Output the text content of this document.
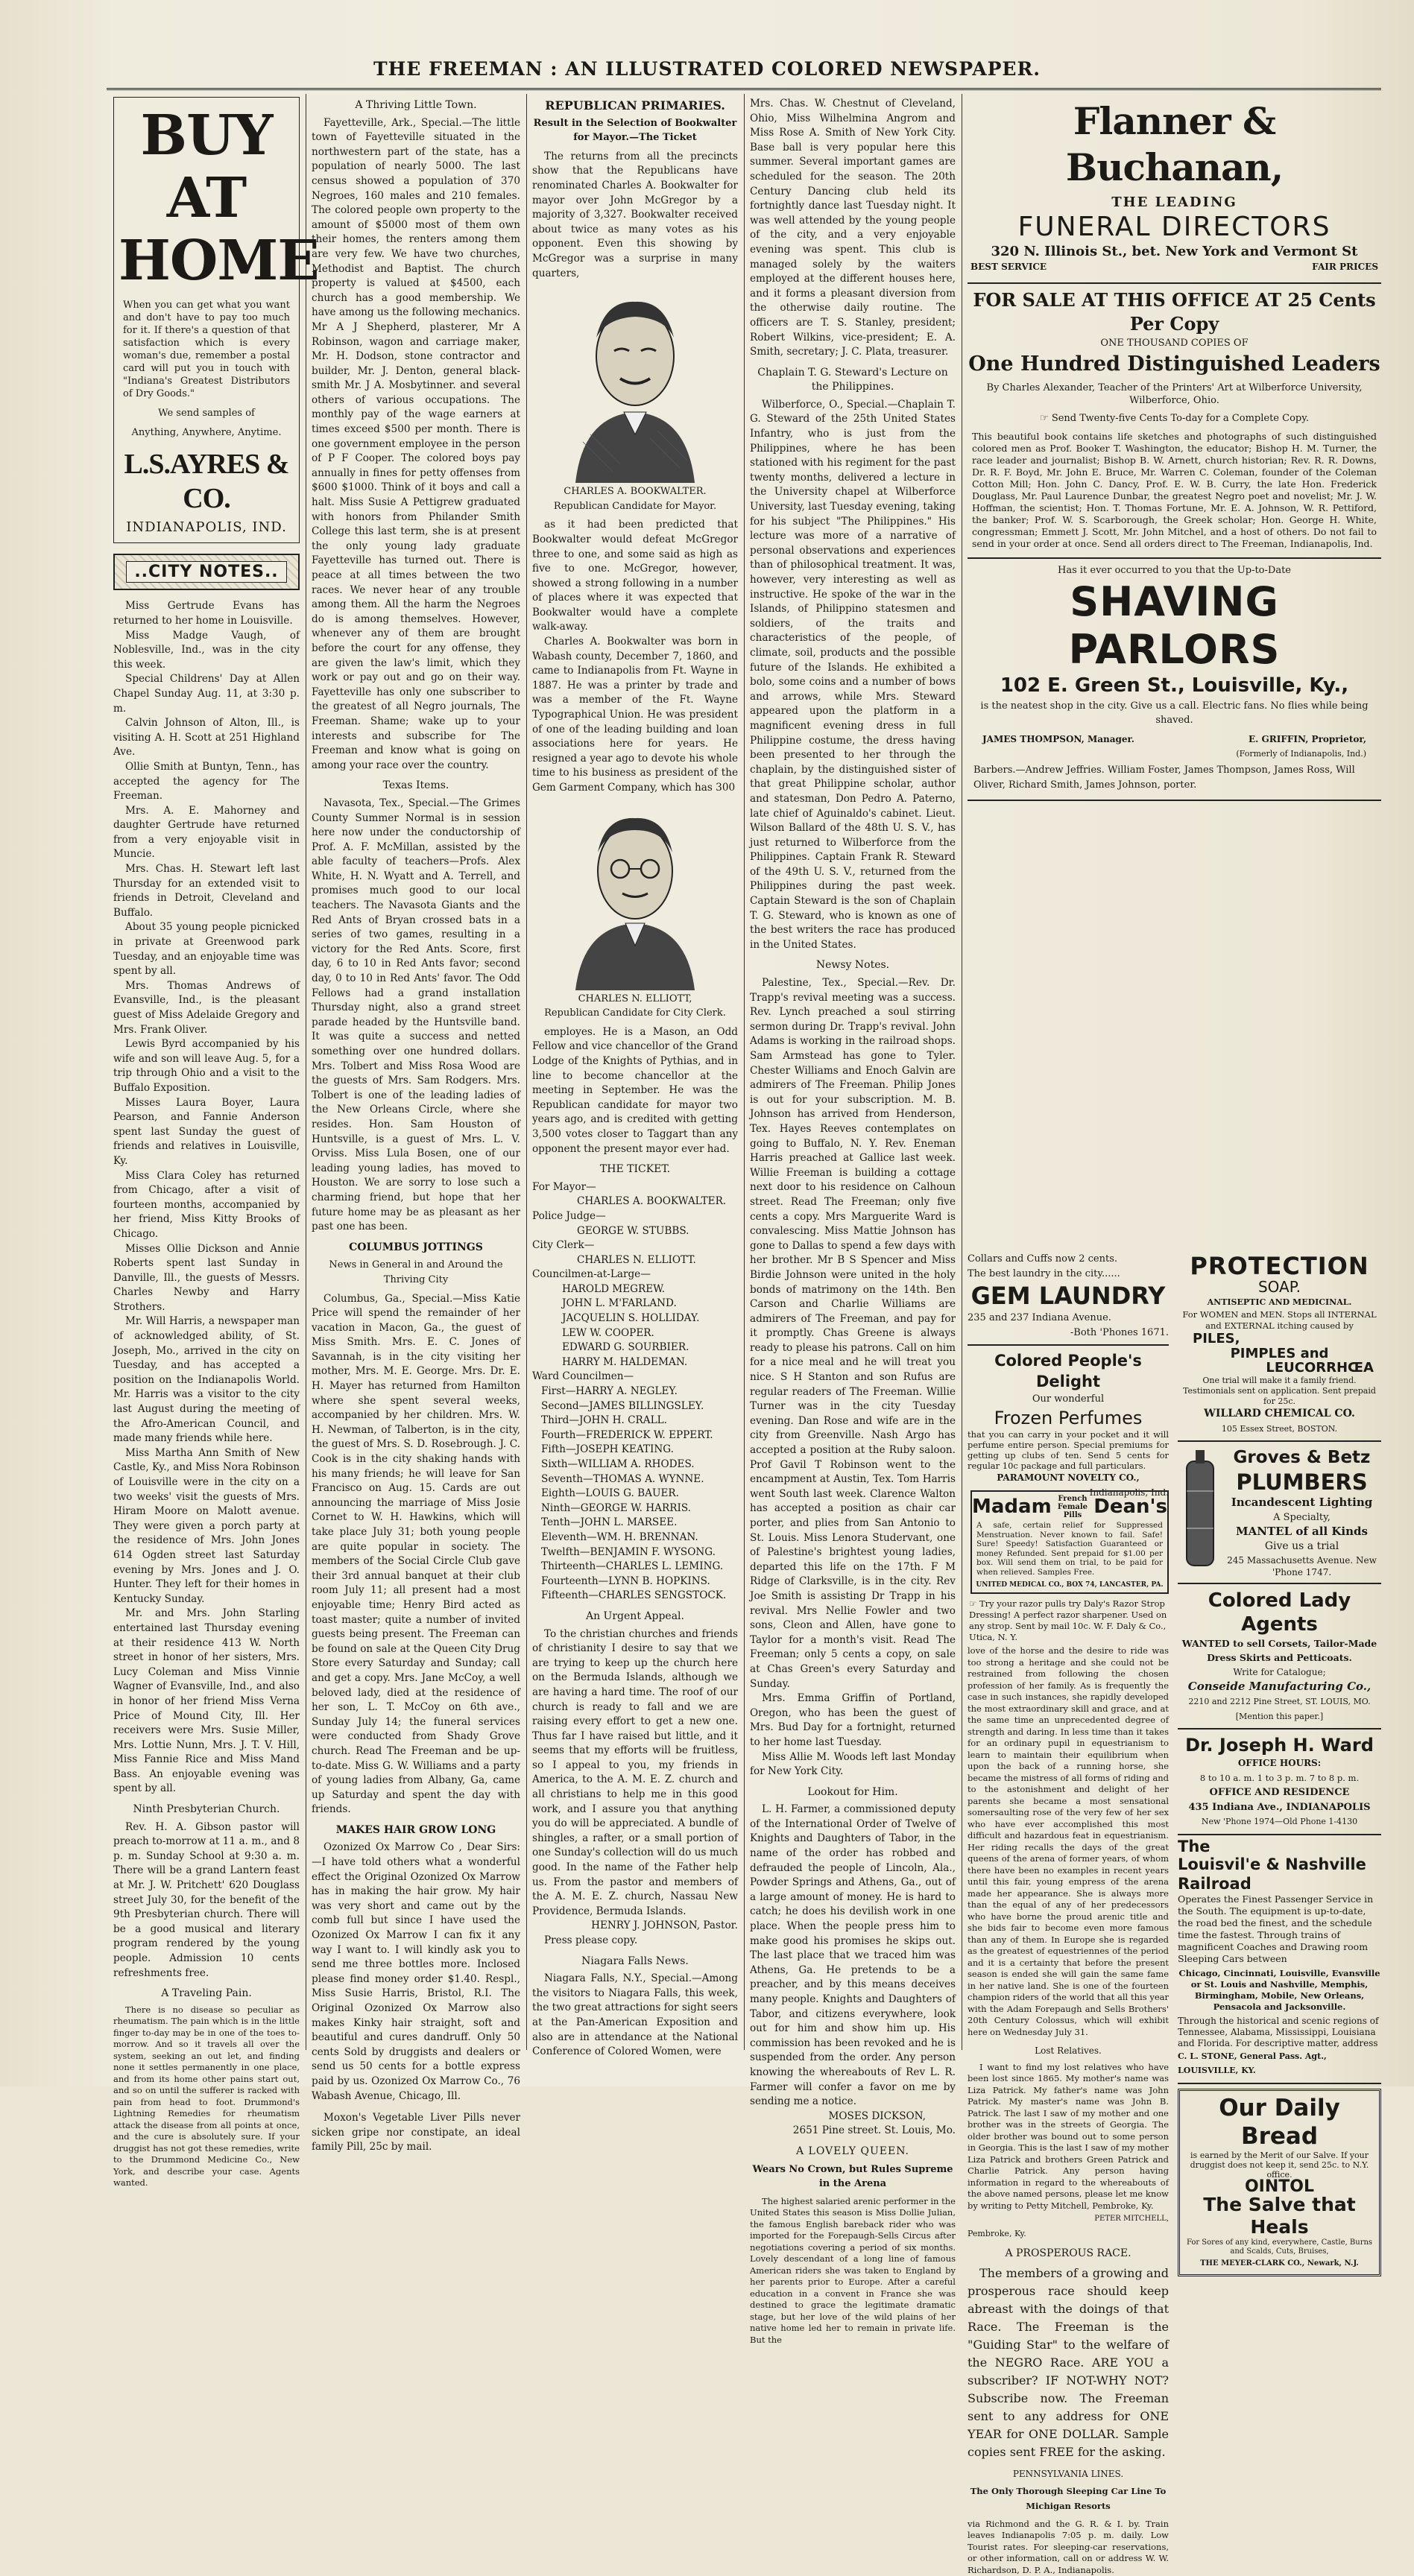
THE FREEMAN : AN ILLUSTRATED COLORED NEWSPAPER.
BUY
AT
HOME
When you can get what you want and don't have to pay too much for it. If there's a question of that satisfaction which is every woman's due, remember a postal card will put you in touch with "Indiana's Greatest Distributors of Dry Goods."
We send samples of
Anything, Anywhere, Anytime.
L.S.AYRES & CO.
INDIANAPOLIS, IND.
..CITY NOTES..

Miss Gertrude Evans has returned to her home in Louisville.

Miss Madge Vaugh, of Noblesville, Ind., was in the city this week.

Special Childrens' Day at Allen Chapel Sunday Aug. 11, at 3:30 p. m.

Calvin Johnson of Alton, Ill., is visiting A. H. Scott at 251 Highland Ave.

Ollie Smith at Buntyn, Tenn., has accepted the agency for The Freeman.

Mrs. A. E. Mahorney and daughter Gertrude have returned from a very enjoyable visit in Muncie.

Mrs. Chas. H. Stewart left last Thursday for an extended visit to friends in Detroit, Cleveland and Buffalo.

About 35 young people picnicked in private at Greenwood park Tuesday, and an enjoyable time was spent by all.

Mrs. Thomas Andrews of Evansville, Ind., is the pleasant guest of Miss Adelaide Gregory and Mrs. Frank Oliver.

Lewis Byrd accompanied by his wife and son will leave Aug. 5, for a trip through Ohio and a visit to the Buffalo Exposition.

Misses Laura Boyer, Laura Pearson, and Fannie Anderson spent last Sunday the guest of friends and relatives in Louisville, Ky.

Miss Clara Coley has returned from Chicago, after a visit of fourteen months, accompanied by her friend, Miss Kitty Brooks of Chicago.

Misses Ollie Dickson and Annie Roberts spent last Sunday in Danville, Ill., the guests of Messrs. Charles Newby and Harry Strothers.

Mr. Will Harris, a newspaper man of acknowledged ability, of St. Joseph, Mo., arrived in the city on Tuesday, and has accepted a position on the Indianapolis World. Mr. Harris was a visitor to the city last August during the meeting of the Afro-American Council, and made many friends while here.

Miss Martha Ann Smith of New Castle, Ky., and Miss Nora Robinson of Louisville were in the city on a two weeks' visit the guests of Mrs. Hiram Moore on Malott avenue. They were given a porch party at the residence of Mrs. John Jones 614 Ogden street last Saturday evening by Mrs. Jones and J. O. Hunter. They left for their homes in Kentucky Sunday.

Mr. and Mrs. John Starling entertained last Thursday evening at their residence 413 W. North street in honor of her sisters, Mrs. Lucy Coleman and Miss Vinnie Wagner of Evansville, Ind., and also in honor of her friend Miss Verna Price of Mound City, Ill. Her receivers were Mrs. Susie Miller, Mrs. Lottie Nunn, Mrs. J. T. V. Hill, Miss Fannie Rice and Miss Mand Bass. An enjoyable evening was spent by all.

Ninth Presbyterian Church.

Rev. H. A. Gibson pastor will preach to-morrow at 11 a. m., and 8 p. m. Sunday School at 9:30 a. m. There will be a grand Lantern feast at Mr. J. W. Pritchett' 620 Douglass street July 30, for the benefit of the 9th Presbyterian church. There will be a good musical and literary program rendered by the young people. Admission 10 cents refreshments free.

A Traveling Pain.

There is no disease so peculiar as rheumatism. The pain which is in the little finger to-day may be in one of the toes to-morrow. And so it travels all over the system, seeking an out let, and finding none it settles permanently in one place, and from its home other pains start out, and so on until the sufferer is racked with pain from head to foot. Drummond's Lightning Remedies for rheumatism attack the disease from all points at once, and the cure is absolutely sure. If your druggist has not got these remedies, write to the Drummond Medicine Co., New York, and describe your case. Agents wanted.

A Thriving Little Town.

Fayetteville, Ark., Special.—The little town of Fayetteville situated in the northwestern part of the state, has a population of nearly 5000. The last census showed a population of 370 Negroes, 160 males and 210 females. The colored people own property to the amount of $5000 most of them own their homes, the renters among them are very few. We have two churches, Methodist and Baptist. The church property is valued at $4500, each church has a good membership. We have among us the following mechanics. Mr A J Shepherd, plasterer, Mr A Robinson, wagon and carriage maker, Mr. H. Dodson, stone contractor and builder, Mr. J. Denton, general black-smith Mr. J A. Mosbytinner. and several others of various occupations. The monthly pay of the wage earners at times exceed $500 per month. There is one government employee in the person of P F Cooper. The colored boys pay annually in fines for petty offenses from $600 $1000. Think of it boys and call a halt. Miss Susie A Pettigrew graduated with honors from Philander Smith College this last term, she is at present the only young lady graduate Fayetteville has turned out. There is peace at all times between the two races. We never hear of any trouble among them. All the harm the Negroes do is among themselves. However, whenever any of them are brought before the court for any offense, they are given the law's limit, which they work or pay out and go on their way. Fayetteville has only one subscriber to the greatest of all Negro journals, The Freeman. Shame; wake up to your interests and subscribe for The Freeman and know what is going on among your race over the country.

Texas Items.

Navasota, Tex., Special.—The Grimes County Summer Normal is in session here now under the conductorship of Prof. A. F. McMillan, assisted by the able faculty of teachers—Profs. Alex White, H. N. Wyatt and A. Terrell, and promises much good to our local teachers. The Navasota Giants and the Red Ants of Bryan crossed bats in a series of two games, resulting in a victory for the Red Ants. Score, first day, 6 to 10 in Red Ants favor; second day, 0 to 10 in Red Ants' favor. The Odd Fellows had a grand installation Thursday night, also a grand street parade headed by the Huntsville band. It was quite a success and netted something over one hundred dollars. Mrs. Tolbert and Miss Rosa Wood are the guests of Mrs. Sam Rodgers. Mrs. Tolbert is one of the leading ladies of the New Orleans Circle, where she resides. Hon. Sam Houston of Huntsville, is a guest of Mrs. L. V. Orviss. Miss Lula Bosen, one of our leading young ladies, has moved to Houston. We are sorry to lose such a charming friend, but hope that her future home may be as pleasant as her past one has been.

COLUMBUS JOTTINGS
News in General in and Around the Thriving City

Columbus, Ga., Special.—Miss Katie Price will spend the remainder of her vacation in Macon, Ga., the guest of Miss Smith. Mrs. E. C. Jones of Savannah, is in the city visiting her mother, Mrs. M. E. George. Mrs. Dr. E. H. Mayer has returned from Hamilton where she spent several weeks, accompanied by her children. Mrs. W. H. Newman, of Talberton, is in the city, the guest of Mrs. S. D. Rosebrough. J. C. Cook is in the city shaking hands with his many friends; he will leave for San Francisco on Aug. 15. Cards are out announcing the marriage of Miss Josie Cornet to W. H. Hawkins, which will take place July 31; both young people are quite popular in society. The members of the Social Circle Club gave their 3rd annual banquet at their club room July 11; all present had a most enjoyable time; Henry Bird acted as toast master; quite a number of invited guests being present. The Freeman can be found on sale at the Queen City Drug Store every Saturday and Sunday; call and get a copy. Mrs. Jane McCoy, a well beloved lady, died at the residence of her son, L. T. McCoy on 6th ave., Sunday July 14; the funeral services were conducted from Shady Grove church. Read The Freeman and be up-to-date. Miss G. W. Williams and a party of young ladies from Albany, Ga, came up Saturday and spent the day with friends.

MAKES HAIR GROW LONG

Ozonized Ox Marrow Co , Dear Sirs:—I have told others what a wonderful effect the Original Ozonized Ox Marrow has in making the hair grow. My hair was very short and came out by the comb full but since I have used the Ozonized Ox Marrow I can fix it any way I want to. I will kindly ask you to send me three bottles more. Inclosed please find money order $1.40. Respl., Miss Susie Harris, Bristol, R.I. The Original Ozonized Ox Marrow also makes Kinky hair straight, soft and beautiful and cures dandruff. Only 50 cents Sold by druggists and dealers or send us 50 cents for a bottle express paid by us. Ozonized Ox Marrow Co., 76 Wabash Avenue, Chicago, Ill.

Moxon's Vegetable Liver Pills never sicken gripe nor constipate, an ideal family Pill, 25c by mail.

REPUBLICAN PRIMARIES.
Result in the Selection of Bookwalter for Mayor.—The Ticket

The returns from all the precincts show that the Republicans have renominated Charles A. Bookwalter for mayor over John McGregor by a majority of 3,327. Bookwalter received about twice as many votes as his opponent. Even this showing by McGregor was a surprise in many quarters,

CHARLES A. BOOKWALTER.
Republican Candidate for Mayor.

as it had been predicted that Bookwalter would defeat McGregor three to one, and some said as high as five to one. McGregor, however, showed a strong following in a number of places where it was expected that Bookwalter would have a complete walk-away.

Charles A. Bookwalter was born in Wabash county, December 7, 1860, and came to Indianapolis from Ft. Wayne in 1887. He was a printer by trade and was a member of the Ft. Wayne Typographical Union. He was president of one of the leading building and loan associations here for years. He resigned a year ago to devote his whole time to his business as president of the Gem Garment Company, which has 300

CHARLES N. ELLIOTT,
Republican Candidate for City Clerk.

employes. He is a Mason, an Odd Fellow and vice chancellor of the Grand Lodge of the Knights of Pythias, and in line to become chancellor at the meeting in September. He was the Republican candidate for mayor two years ago, and is credited with getting 3,500 votes closer to Taggart than any opponent the present mayor ever had.

THE TICKET.
For Mayor—
CHARLES A. BOOKWALTER.
Police Judge—
GEORGE W. STUBBS.
City Clerk—
CHARLES N. ELLIOTT.
Councilmen-at-Large—
HAROLD MEGREW.
JOHN L. M'FARLAND.
JACQUELIN S. HOLLIDAY.
LEW W. COOPER.
EDWARD G. SOURBIER.
HARRY M. HALDEMAN.
Ward Councilmen—
First—HARRY A. NEGLEY.
Second—JAMES BILLINGSLEY.
Third—JOHN H. CRALL.
Fourth—FREDERICK W. EPPERT.
Fifth—JOSEPH KEATING.
Sixth—WILLIAM A. RHODES.
Seventh—THOMAS A. WYNNE.
Eighth—LOUIS G. BAUER.
Ninth—GEORGE W. HARRIS.
Tenth—JOHN L. MARSEE.
Eleventh—WM. H. BRENNAN.
Twelfth—BENJAMIN F. WYSONG.
Thirteenth—CHARLES L. LEMING.
Fourteenth—LYNN B. HOPKINS.
Fifteenth—CHARLES SENGSTOCK.
An Urgent Appeal.

To the christian churches and friends of christianity I desire to say that we are trying to keep up the church here on the Bermuda Islands, although we are having a hard time. The roof of our church is ready to fall and we are raising every effort to get a new one. Thus far I have raised but little, and it seems that my efforts will be fruitless, so I appeal to you, my friends in America, to the A. M. E. Z. church and all christians to help me in this good work, and I assure you that anything you do will be appreciated. A bundle of shingles, a rafter, or a small portion of one Sunday's collection will do us much good. In the name of the Father help us. From the pastor and members of the A. M. E. Z. church, Nassau New Providence, Bermuda Islands.

HENRY J. JOHNSON, Pastor.
Press please copy.
Niagara Falls News.

Niagara Falls, N.Y., Special.—Among the visitors to Niagara Falls, this week, the two great attractions for sight seers at the Pan-American Exposition and also are in attendance at the National Conference of Colored Women, were

Mrs. Chas. W. Chestnut of Cleveland, Ohio, Miss Wilhelmina Angrom and Miss Rose A. Smith of New York City. Base ball is very popular here this summer. Several important games are scheduled for the season. The 20th Century Dancing club held its fortnightly dance last Tuesday night. It was well attended by the young people of the city, and a very enjoyable evening was spent. This club is managed solely by the waiters employed at the different houses here, and it forms a pleasant diversion from the otherwise daily routine. The officers are T. S. Stanley, president; Robert Wilkins, vice-president; E. A. Smith, secretary; J. C. Plata, treasurer.

Chaplain T. G. Steward's Lecture on the Philippines.

Wilberforce, O., Special.—Chaplain T. G. Steward of the 25th United States Infantry, who is just from the Philippines, where he has been stationed with his regiment for the past twenty months, delivered a lecture in the University chapel at Wilberforce University, last Tuesday evening, taking for his subject "The Philippines." His lecture was more of a narrative of personal observations and experiences than of philosophical treatment. It was, however, very interesting as well as instructive. He spoke of the war in the Islands, of Philippino statesmen and soldiers, of the traits and characteristics of the people, of climate, soil, products and the possible future of the Islands. He exhibited a bolo, some coins and a number of bows and arrows, while Mrs. Steward appeared upon the platform in a magnificent evening dress in full Philippine costume, the dress having been presented to her through the chaplain, by the distinguished sister of that great Philippine scholar, author and statesman, Don Pedro A. Paterno, late chief of Aguinaldo's cabinet. Lieut. Wilson Ballard of the 48th U. S. V., has just returned to Wilberforce from the Philippines. Captain Frank R. Steward of the 49th U. S. V., returned from the Philippines during the past week. Captain Steward is the son of Chaplain T. G. Steward, who is known as one of the best writers the race has produced in the United States.

Newsy Notes.

Palestine, Tex., Special.—Rev. Dr. Trapp's revival meeting was a success. Rev. Lynch preached a soul stirring sermon during Dr. Trapp's revival. John Adams is working in the railroad shops. Sam Armstead has gone to Tyler. Chester Williams and Enoch Galvin are admirers of The Freeman. Philip Jones is out for your subscription. M. B. Johnson has arrived from Henderson, Tex. Hayes Reeves contemplates on going to Buffalo, N. Y. Rev. Eneman Harris preached at Gallice last week. Willie Freeman is building a cottage next door to his residence on Calhoun street. Read The Freeman; only five cents a copy. Mrs Marguerite Ward is convalescing. Miss Mattie Johnson has gone to Dallas to spend a few days with her brother. Mr B S Spencer and Miss Birdie Johnson were united in the holy bonds of matrimony on the 14th. Ben Carson and Charlie Williams are admirers of The Freeman, and pay for it promptly. Chas Greene is always ready to please his patrons. Call on him for a nice meal and he will treat you nice. S H Stanton and son Rufus are regular readers of The Freeman. Willie Turner was in the city Tuesday evening. Dan Rose and wife are in the city from Greenville. Nash Argo has accepted a position at the Ruby saloon. Prof Gavil T Robinson went to the encampment at Austin, Tex. Tom Harris went South last week. Clarence Walton has accepted a position as chair car porter, and plies from San Antonio to St. Louis. Miss Lenora Studervant, one of Palestine's brightest young ladies, departed this life on the 17th. F M Ridge of Clarksville, is in the city. Rev Joe Smith is assisting Dr Trapp in his revival. Mrs Nellie Fowler and two sons, Cleon and Allen, have gone to Taylor for a month's visit. Read The Freeman; only 5 cents a copy, on sale at Chas Green's every Saturday and Sunday.

Mrs. Emma Griffin of Portland, Oregon, who has been the guest of Mrs. Bud Day for a fortnight, returned to her home last Tuesday.

Miss Allie M. Woods left last Monday for New York City.

Lookout for Him.

L. H. Farmer, a commissioned deputy of the International Order of Twelve of Knights and Daughters of Tabor, in the name of the order has robbed and defrauded the people of Lincoln, Ala., Powder Springs and Athens, Ga., out of a large amount of money. He is hard to catch; he does his devilish work in one place. When the people press him to make good his promises he skips out. The last place that we traced him was Athens, Ga. He pretends to be a preacher, and by this means deceives many people. Knights and Daughters of Tabor, and citizens everywhere, look out for him and show him up. His commission has been revoked and he is suspended from the order. Any person knowing the whereabouts of Rev L. R. Farmer will confer a favor on me by sending me a notice.

MOSES DICKSON,
2651 Pine street. St. Louis, Mo.
A LOVELY QUEEN.
Wears No Crown, but Rules Supreme in the Arena

The highest salaried arenic performer in the United States this season is Miss Dollie Julian, the famous English bareback rider who was imported for the Forepaugh-Sells Circus after negotiations covering a period of six months. Lovely descendant of a long line of famous American riders she was taken to England by her parents prior to Europe. After a careful education in a convent in France she was destined to grace the legitimate dramatic stage, but her love of the wild plains of her native home led her to remain in private life. But the

Flanner & Buchanan,
THE LEADING
FUNERAL DIRECTORS
320 N. Illinois St., bet. New York and Vermont St
BEST SERVICE	FAIR PRICES
FOR SALE AT THIS OFFICE AT 25 Cents Per Copy
ONE THOUSAND COPIES OF
One Hundred Distinguished Leaders
By Charles Alexander, Teacher of the Printers' Art at Wilberforce University, Wilberforce, Ohio.
☞ Send Twenty-five Cents To-day for a Complete Copy.
This beautiful book contains life sketches and photographs of such distinguished colored men as Prof. Booker T. Washington, the educator; Bishop H. M. Turner, the race leader and journalist; Bishop B. W. Arnett, church historian; Rev. R. R. Downs, Dr. R. F. Boyd, Mr. John E. Bruce, Mr. Warren C. Coleman, founder of the Coleman Cotton Mill; Hon. John C. Dancy, Prof. E. W. B. Curry, the late Hon. Frederick Douglass, Mr. Paul Laurence Dunbar, the greatest Negro poet and novelist; Mr. J. W. Hoffman, the scientist; Hon. T. Thomas Fortune, Mr. E. A. Johnson, W. R. Pettiford, the banker; Prof. W. S. Scarborough, the Greek scholar; Hon. George H. White, congressman; Emmett J. Scott, Mr. John Mitchel, and a host of others. Do not fail to send in your order at once. Send all orders direct to The Freeman, Indianapolis, Ind.
Has it ever occurred to you that the Up-to-Date
SHAVING PARLORS
102 E. Green St., Louisville, Ky.,
is the neatest shop in the city. Give us a call. Electric fans. No flies while being shaved.
JAMES THOMPSON, Manager.	E. GRIFFIN, Proprietor,
(Formerly of Indianapolis, Ind.)
Barbers.—Andrew Jeffries. William Foster, James Thompson, James Ross, Will Oliver, Richard Smith, James Johnson, porter.
Collars and Cuffs now 2 cents.
The best laundry in the city......
GEM LAUNDRY
235 and 237 Indiana Avenue.
-Both 'Phones 1671.
Colored People's Delight
Our wonderful
Frozen Perfumes
that you can carry in your pocket and it will perfume entire person. Special premiums for getting up clubs of ten. Send 5 cents for regular 10c package and full particulars.
PARAMOUNT NOVELTY CO.,
Indianapolis, Ind.
Madam French Female Pills Dean's
A safe, certain relief for Suppressed Menstruation. Never known to fail. Safe! Sure! Speedy! Satisfaction Guaranteed or money Refunded. Sent prepaid for $1.00 per box. Will send them on trial, to be paid for when relieved. Samples Free.
UNITED MEDICAL CO., BOX 74, LANCASTER, PA.
☞ Try your razor pulls try Daly's Razor Strop Dressing! A perfect razor sharpener. Used on any strop. Sent by mail 10c. W. F. Daly & Co., Utica, N. Y.
PROTECTION
SOAP.
ANTISEPTIC AND MEDICINAL.
For WOMEN and MEN. Stops all INTERNAL and EXTERNAL itching caused by
PILES,
PIMPLES and
LEUCORRHŒA
One trial will make it a family friend. Testimonials sent on application. Sent prepaid for 25c.
WILLARD CHEMICAL CO.
105 Essex Street, BOSTON.
Groves & Betz
PLUMBERS
Incandescent Lighting
A Specialty,
MANTEL of all Kinds
Give us a trial
245 Massachusetts Avenue. New 'Phone 1747.
Colored Lady Agents
WANTED to sell Corsets, Tailor-Made Dress Skirts and Petticoats.
Write for Catalogue;
Conseide Manufacturing Co.,
2210 and 2212 Pine Street, ST. LOUIS, MO.
[Mention this paper.]
Dr. Joseph H. Ward
OFFICE HOURS:
8 to 10 a. m. 1 to 3 p. m. 7 to 8 p. m.
OFFICE AND RESIDENCE
435 Indiana Ave., INDIANAPOLIS
New 'Phone 1974—Old Phone 1-4130
The
Louisvil'e & Nashville Railroad
Operates the Finest Passenger Service in the South. The equipment is up-to-date, the road bed the finest, and the schedule time the fastest. Through trains of magnificent Coaches and Drawing room Sleeping Cars between
Chicago, Cincinnati, Louisville, Evansville or St. Louis and Nashville, Memphis, Birmingham, Mobile, New Orleans, Pensacola and Jacksonville.
Through the historical and scenic regions of Tennessee, Alabama, Mississippi, Louisiana and Florida. For descriptive matter, address
C. L. STONE, General Pass. Agt., LOUISVILLE, KY.
Our Daily Bread
is earned by the Merit of our Salve. If your druggist does not keep it, send 25c. to N.Y. office.
OINTOL
The Salve that Heals
For Sores of any kind, everywhere, Castle, Burns and Scalds, Cuts, Bruises,
THE MEYER-CLARK CO., Newark, N.J.

love of the horse and the desire to ride was too strong a heritage and she could not be restrained from following the chosen profession of her family. As is frequently the case in such instances, she rapidly developed the most extraordinary skill and grace, and at the same time an unprecedented degree of strength and daring. In less time than it takes for an ordinary pupil in equestrianism to learn to maintain their equilibrium when upon the back of a running horse, she became the mistress of all forms of riding and to the astonishment and delight of her parents she became a most sensational somersaulting rose of the very few of her sex who have ever accomplished this most difficult and hazardous feat in equestrianism. Her riding recalls the days of the great queens of the arena of former years, of whom there have been no examples in recent years until this fair, young empress of the arena made her appearance. She is always more than the equal of any of her predecessors who have borne the proud arenic title and she bids fair to become even more famous than any of them. In Europe she is regarded as the greatest of equestriennes of the period and it is a certainty that before the present season is ended she will gain the same fame in her native land. She is one of the fourteen champion riders of the world that all this year with the Adam Forepaugh and Sells Brothers' 20th Century Colossus, which will exhibit here on Wednesday July 31.

Lost Relatives.

I want to find my lost relatives who have been lost since 1865. My mother's name was Liza Patrick. My father's name was John Patrick. My master's name was John B. Patrick. The last I saw of my mother and one brother was in the streets of Georgia. The older brother was bound out to some person in Georgia. This is the last I saw of my mother Liza Patrick and brothers Green Patrick and Charlie Patrick. Any person having information in regard to the whereabouts of the above named persons, please let me know by writing to Petty Mitchell, Pembroke, Ky.

PETER MITCHELL,
Pembroke, Ky.
A PROSPEROUS RACE.

The members of a growing and prosperous race should keep abreast with the doings of that Race. The Freeman is the "Guiding Star" to the welfare of the NEGRO Race. ARE YOU a subscriber? IF NOT-WHY NOT? Subscribe now. The Freeman sent to any address for ONE YEAR for ONE DOLLAR. Sample copies sent FREE for the asking.

PENNSYLVANIA LINES.
The Only Thorough Sleeping Car Line To Michigan Resorts

via Richmond and the G. R. & I. by. Train leaves Indianapolis 7:05 p. m. daily. Low Tourist rates. For sleeping-car reservations, or other information, call on or address W. W. Richardson, D. P. A., Indianapolis.
